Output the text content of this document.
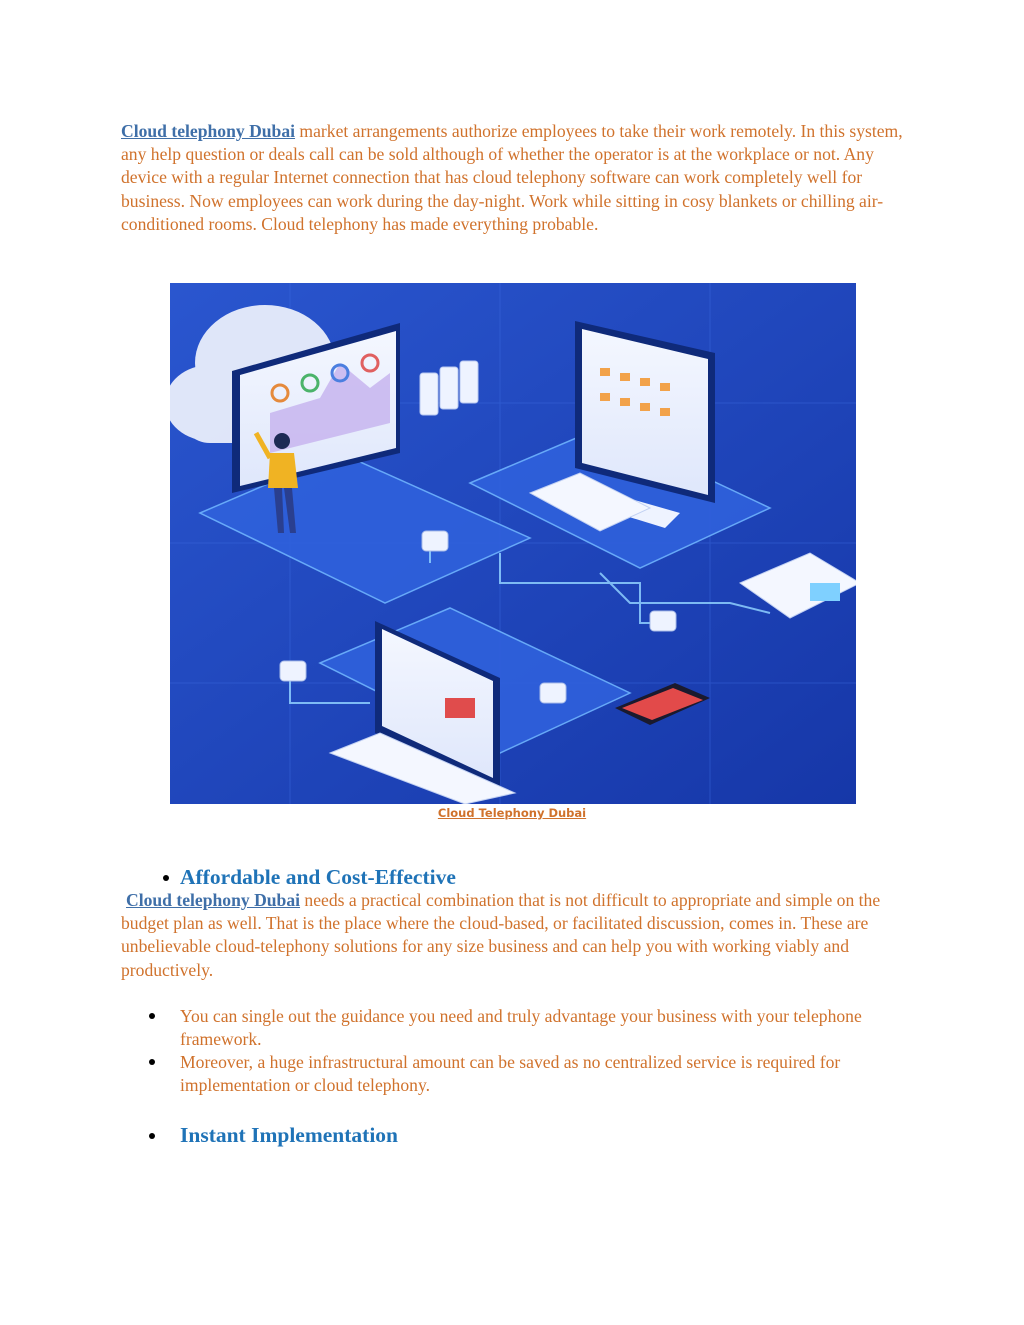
Cloud telephony Dubai market arrangements authorize employees to take their work remotely. In this system, any help question or deals call can be sold although of whether the operator is at the workplace or not. Any device with a regular Internet connection that has cloud telephony software can work completely well for business. Now employees can work during the day-night. Work while sitting in cosy blankets or chilling air-conditioned rooms. Cloud telephony has made everything probable.

Cloud Telephony Dubai
Affordable and Cost-Effective

Cloud telephony Dubai needs a practical combination that is not difficult to appropriate and simple on the budget plan as well. That is the place where the cloud-based, or facilitated discussion, comes in. These are unbelievable cloud-telephony solutions for any size business and can help you with working viably and productively.

You can single out the guidance you need and truly advantage your business with your telephone framework.
Moreover, a huge infrastructural amount can be saved as no centralized service is required for implementation or cloud telephony.
Instant Implementation
